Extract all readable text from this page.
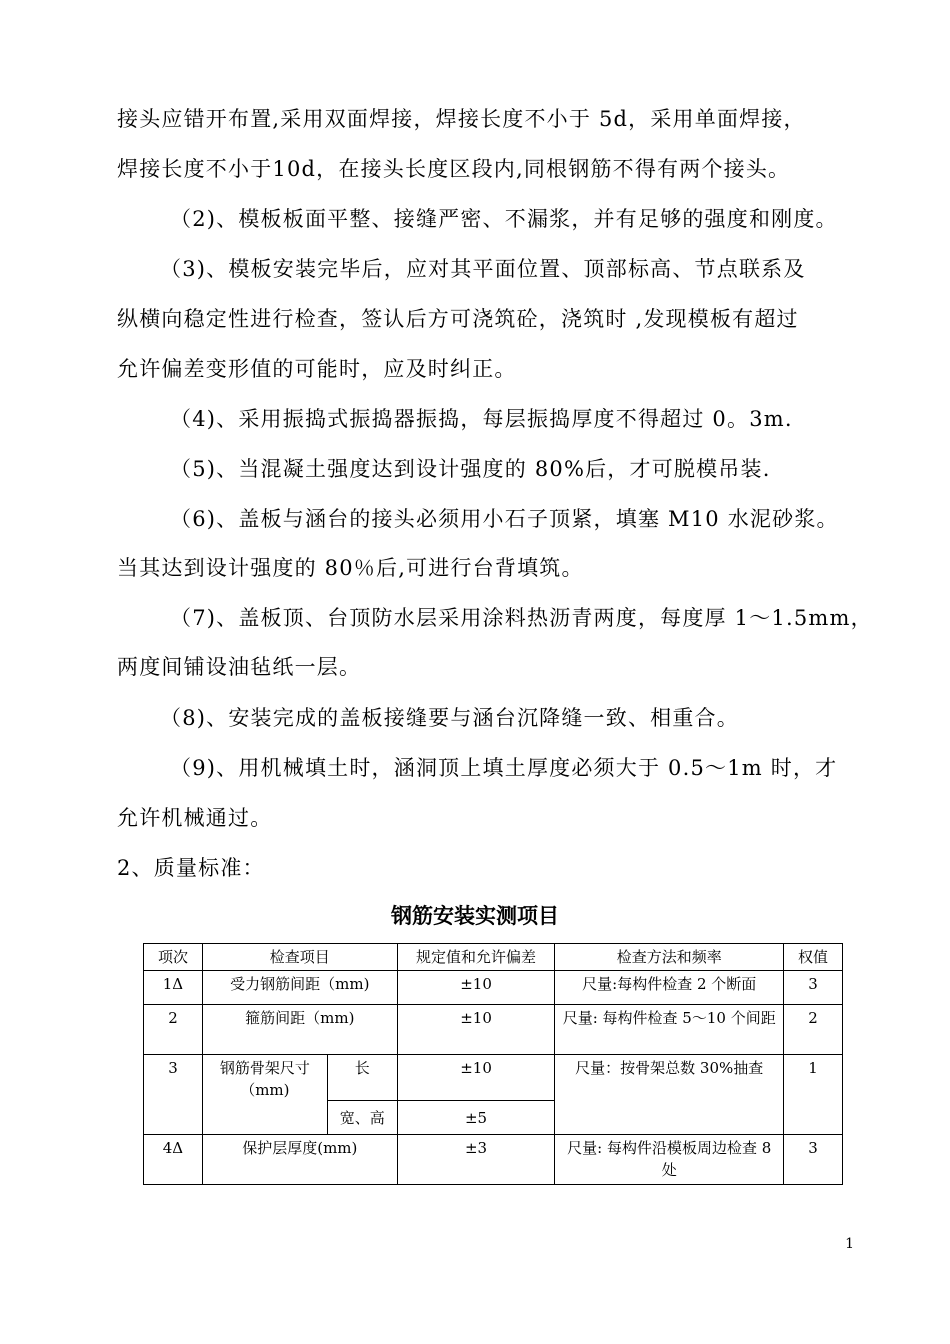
接头应错开布置,采用双面焊接，焊接长度不小于 5d，采用单面焊接，
焊接长度不小于10d，在接头长度区段内,同根钢筋不得有两个接头。
（2)、模板板面平整、接缝严密、不漏浆，并有足够的强度和刚度。
（3)、模板安装完毕后，应对其平面位置、顶部标高、节点联系及
纵横向稳定性进行检查，签认后方可浇筑砼，浇筑时 ,发现模板有超过
允许偏差变形值的可能时，应及时纠正。
（4)、采用振捣式振捣器振捣，每层振捣厚度不得超过 0。3m.
（5)、当混凝土强度达到设计强度的 80%后，才可脱模吊装.
（6)、盖板与涵台的接头必须用小石子顶紧，填塞 M10 水泥砂浆。
当其达到设计强度的 80％后,可进行台背填筑。
（7)、盖板顶、台顶防水层采用涂料热沥青两度，每度厚 1～1.5mm，
两度间铺设油毡纸一层。
（8)、安装完成的盖板接缝要与涵台沉降缝一致、相重合。
（9)、用机械填土时，涵洞顶上填土厚度必须大于 0.5～1m 时，才
允许机械通过。
2、质量标准：
钢筋安装实测项目
项次	检查项目		规定值和允许偏差	检查方法和频率	权值
1Δ	受力钢筋间距（mm)		±10	尺量:每构件检查 2 个断面	3
2	箍筋间距（mm)		±10	尺量: 每构件检查 5～10 个间距	2
3	钢筋骨架尺寸（mm)	长	±10	尺量：按骨架总数 30%抽查	1
		宽、高	±5		
4Δ	保护层厚度(mm)		±3	尺量: 每构件沿模板周边检查 8 处	3
1
